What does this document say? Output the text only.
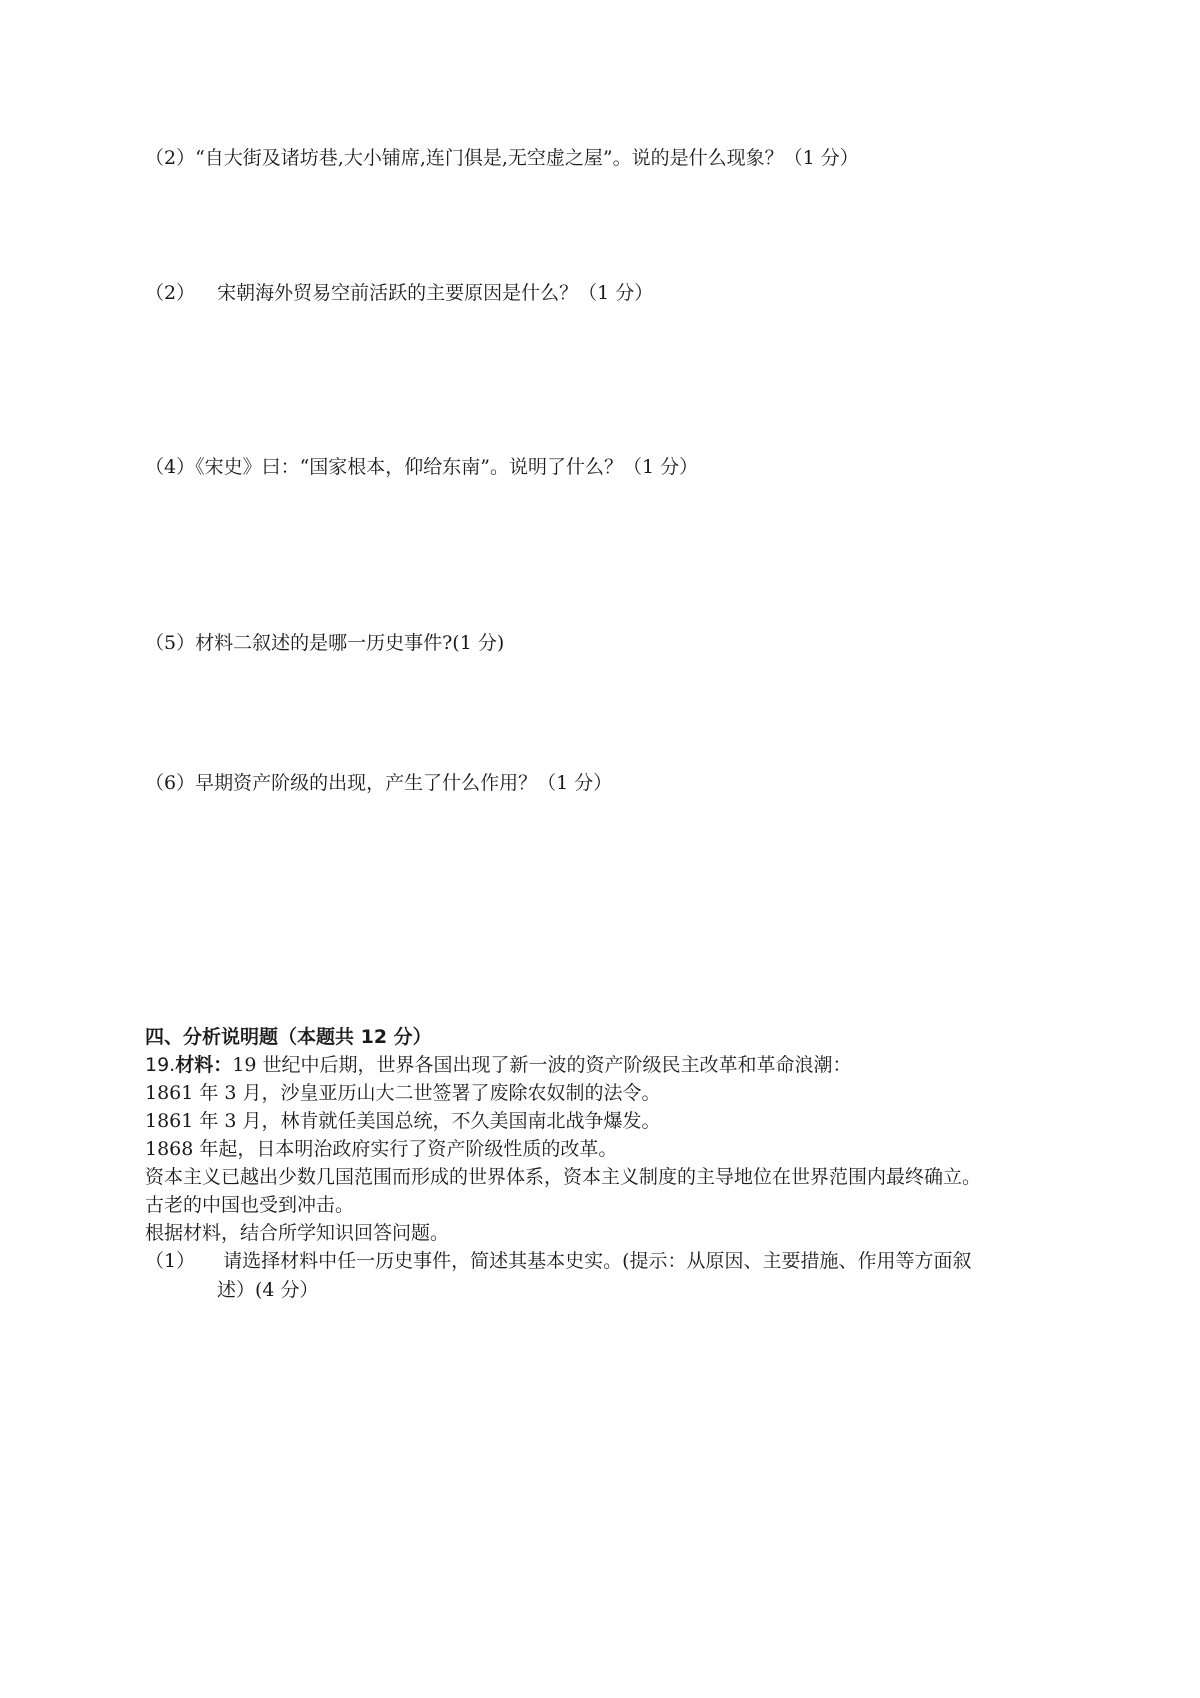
（2）“自大街及诸坊巷,大小铺席,连门俱是,无空虚之屋”。说的是什么现象？（1 分）
（2） 宋朝海外贸易空前活跃的主要原因是什么？（1 分）
（4）《宋史》曰：“国家根本，仰给东南”。说明了什么？（1 分）
（5）材料二叙述的是哪一历史事件?(1 分)
（6）早期资产阶级的出现，产生了什么作用？（1 分）
四、分析说明题（本题共 12 分）
19.材料：19 世纪中后期，世界各国出现了新一波的资产阶级民主改革和革命浪潮：
1861 年 3 月，沙皇亚历山大二世签署了废除农奴制的法令。
1861 年 3 月，林肯就任美国总统，不久美国南北战争爆发。
1868 年起，日本明治政府实行了资产阶级性质的改革。
资本主义已越出少数几国范围而形成的世界体系，资本主义制度的主导地位在世界范围内最终确立。
古老的中国也受到冲击。
根据材料，结合所学知识回答问题。
（1） 请选择材料中任一历史事件，简述其基本史实。(提示：从原因、主要措施、作用等方面叙
述）(4 分）
